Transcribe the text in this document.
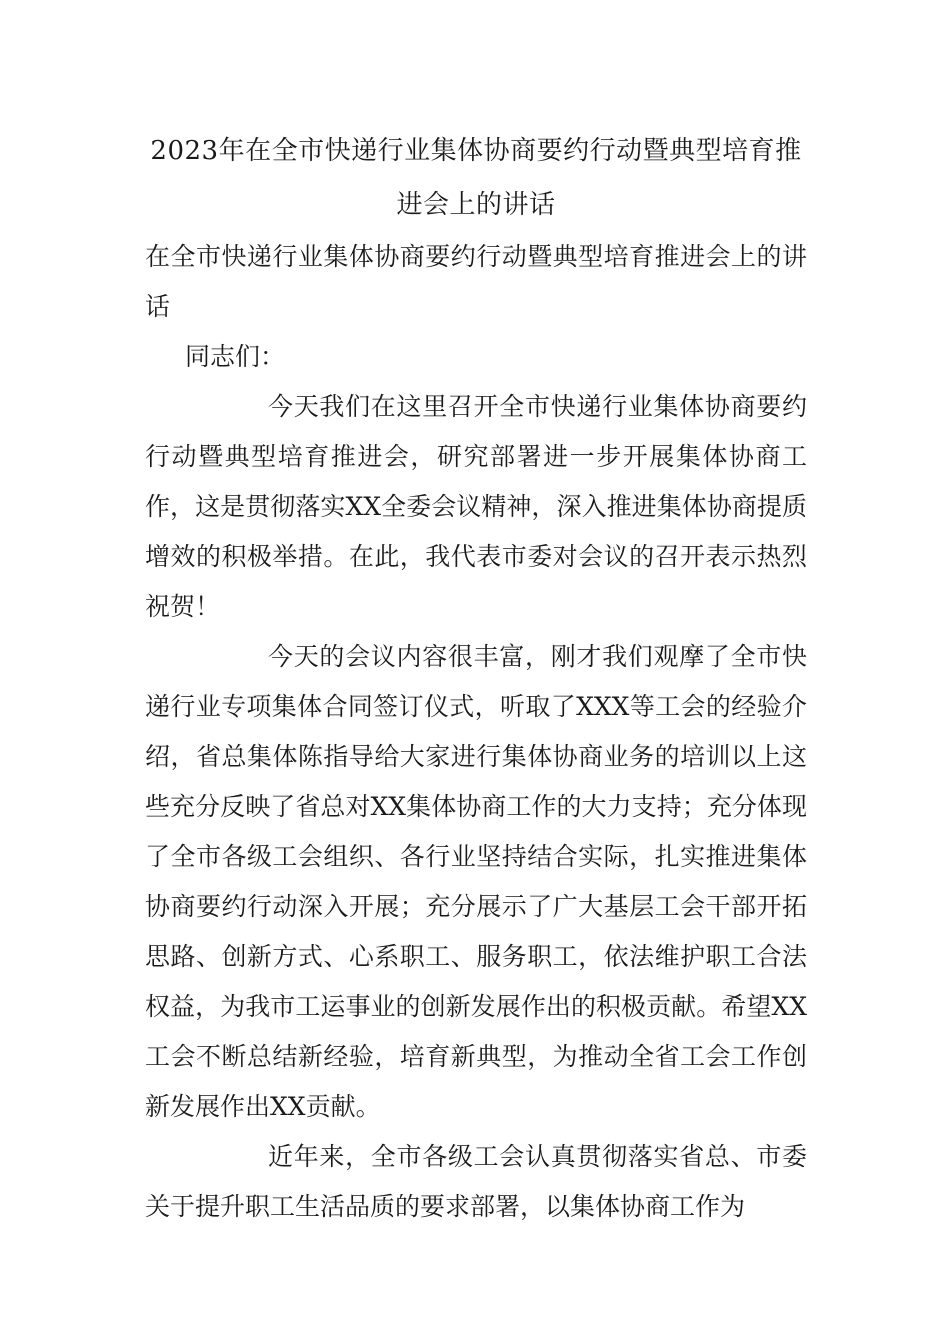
2023年在全市快递行业集体协商要约行动暨典型培育推进会上的讲话

在全市快递行业集体协商要约行动暨典型培育推进会上的讲话

同志们：

今天我们在这里召开全市快递行业集体协商要约行动暨典型培育推进会，研究部署进一步开展集体协商工作，这是贯彻落实XX全委会议精神，深入推进集体协商提质增效的积极举措。在此，我代表市委对会议的召开表示热烈祝贺！

今天的会议内容很丰富，刚才我们观摩了全市快递行业专项集体合同签订仪式，听取了XXX等工会的经验介绍，省总集体陈指导给大家进行集体协商业务的培训以上这些充分反映了省总对XX集体协商工作的大力支持；充分体现了全市各级工会组织、各行业坚持结合实际，扎实推进集体协商要约行动深入开展；充分展示了广大基层工会干部开拓思路、创新方式、心系职工、服务职工，依法维护职工合法权益，为我市工运事业的创新发展作出的积极贡献。希望XX工会不断总结新经验，培育新典型，为推动全省工会工作创新发展作出XX贡献。

近年来，全市各级工会认真贯彻落实省总、市委关于提升职工生活品质的要求部署，以集体协商工作为
